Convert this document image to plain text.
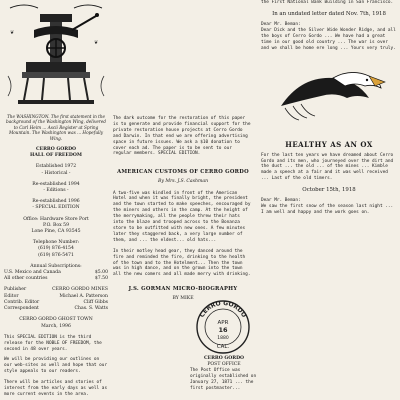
❦
❦
The WASHINGTON. The first statement in the background of the Washington Wing, delivered to Carl Heim ... Ascii Register at Spring Mountain. The Washington was ... Hopefully Wing.
CERRO GORDO
HALL OF FREEDOM
Established 1972
- Historical -
Re-established 1994
- Editions -
Re-established 1996
- SPECIAL EDITION
Office: Hardware Store Port
P.O. Box 59
Lone Pine, CA 93545
Telephone Number:
(619) 876-4154
(619) 876-5471
Annual Subscriptions:
U.S. Mexico and Canada	$5.00
All other countries	$7.50
Publisher	CERRO GORDO MINES
Editor	Michael A. Patterson
Contrib. Editor	Cliff Gibbs
Correspondent	Chas. S. Watts
CERRO GORDO GHOST TOWN
March, 1996
This SPECIAL EDITION is the third release for the NOBLE OF FREEDOM, the second in 48 over years.
We will be providing our outlines on our web-sites as well and hope that our style appeals to our readers.
There will be articles and stories of interest from the early days as well as more current events in the area.
The dark outcome for the restoration of this paper is to generate and provide financial support for the private restoration house projects at Cerro Gordo and Darwin. In that end we are offering advertising space in future issues. We ask a $10 donation to cover each ad. The paper is to be sent to our regular members. SPECIAL EDITION.
AMERICAN CUSTOMS OF CERRO GORDO
By Mrs. J.S. Cashman
A two-five was kindled in front of the American Hotel and when it was finally bright, the president and the town started to make speeches, encouraged by the miners and others in the camp. At the height of the merrymaking, all the people threw their hats into the blaze and trooped across to the Bonanza store to be outfitted with new ones. A few minutes later they staggered back, a very large number of them, and ... the eldest... old hats...
In their motley head gear, they danced around the fire and reminded the fire, drinking to the health of the town and to the Hotelment... Then the town was in high dance, and on the grown into the town all the new comers and all made merry with drinking.
J.S. GORMAN MICRO-BIOGRAPHY
BY MIKE
CERRO GORDO
APR
16
CAL.
1880
CERRO GORDO
POST OFFICE
The Post Office was originally established on January 27, 1871 ... the first postmaster...
the First National Bank Building in San Francisco.
In an undated letter dated Nov. 7th, 1918
Dear Mr. Beman:
Dear Dick and the Silver Wide Wonder Ridge, and all the boys of Cerro Gordo ... We have had a great time in our good old country ... The war is over and we shall be home ere long ... Yours very truly.
HEALTHY AS AN OX
For the last ten years we have dreamed about Cerro Gordo and its men, who journeyed over the dirt and the dust ... the old ... of the mines ... Kimble made a speech at a fair and it was well received ... Last of the old timers.
October 15th, 1918
Dear Mr. Beman:
We saw the first snow of the season last night ... I am well and happy and the work goes on.
